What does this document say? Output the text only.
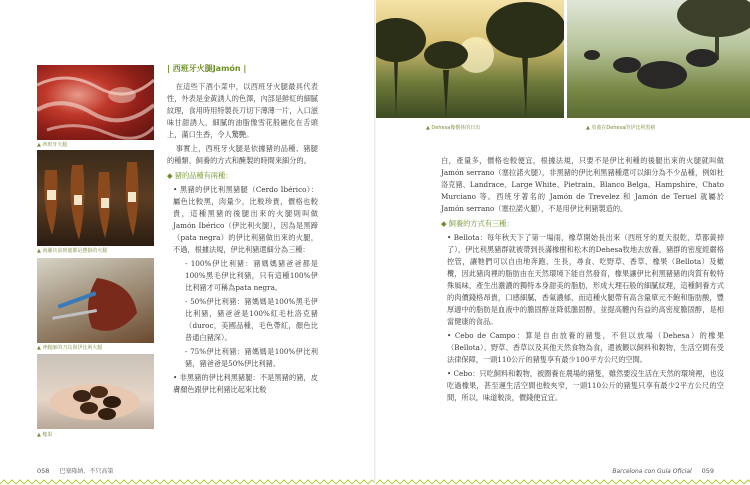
▲ 西班牙火腿
▲ 商舖店前到處都是懸掛的火腿
▲ 斧腿師的刀具與伊比利火腿
▲ 橡果
| 西班牙火腿Jamón |

在這些下酒小菜中，以西班牙火腿最具代表性，外表是金黃誘人的色澤，內部是鮮紅的細膩紋理，食用時用特製長刀切下薄薄一片，入口滋味甘甜誘人，細膩的油脂像雪花般融化在舌頭上，滿口生香，令人驚艷。

事實上，西班牙火腿是依據豬的品種、豬腿的種類、飼養的方式和醃製的時間來細分的。

◆ 豬的品種有兩種：

• 黑豬的伊比利黑豬腿（Cerdo Ibérico）：屬色比較黑，肉量少，比較珍貴，價格也較貴，這種黑豬的後腿出來的火腿則叫做 Jamón Ibérico（伊比利火腿），因為是黑蹄（pata negra）的伊比利豬做出來的火腿，不過，根據法規，伊比利豬還細分為三種：

- 100%伊比利豬：豬媽媽豬爸爸都是100%黑毛伊比利豬，只有這種100%伊比利豬才可稱為pata negra。

- 50%伊比利豬：豬媽媽是100%黑毛伊比利豬，豬爸爸是100%紅毛杜洛克豬（duroc，美國品種，毛色帶紅，顏色比普通白豬深）。

- 75%伊比利豬：豬媽媽是100%伊比利豬，豬爸爸是50%伊比利豬。

• 非黑豬的伊比利黑豬腿：不是黑豬的豬，皮膚顏色跟伊比利豬比起來比較

058 巴塞隆納、不只高第
▲ Dehesa橡樹林的日出	▲ 放養在Dehesa的伊比利黑豬

白，產量多，價格也較便宜，根據法規，只要不是伊比利種的後腿出來的火腿就叫做 Jamón serrano（塞拉諾火腿），非黑豬的伊比利黑豬種還可以細分為不少品種，例如杜洛克豬、Landrace、Large White、Pietrain、Blanco Belga、Hampshire、Chato Murciano 等。西班牙著名的 Jamón de Trevelez 和 Jamón de Teruel 就屬於 Jamón serrano（塞拉諾火腿），不是用伊比利豬製造的。

◆ 飼養的方式有三種：

• Bellota：每年秋天下了第一場雨，橡草開始長出來（西班牙的夏天很乾，草都黃掉了），伊比利黑豬群就被帶到長滿橡樹和松木的Dehesa牧地去放養，豬群的密度經嚴格控管，讓牠們可以自由地奔跑、生長，尋食、吃野草、香草、橡果（Bellota）及橄欖，因此豬肉裡的脂肪由在天然環境下能自然發育，橡果讓伊比利黑豬豬的肉質有較特殊風味，產生出濃濃的獨特本身甜美的脂肪，形成大理石般的細膩紋理，這種飼養方式的肉價錢格昂貴，口感細膩，香氣濃郁，而這種火腿帶有高含量單元不飽和脂肪酸，豐厚適中的脂肪是血液中的膽固醇並降低膽固醇，並提高體內有益的高密度膽固醇，是相當健康的食品。

• Cebo de Campo：算是自由放養的豬隻，不但以放場（Dehesa）的橡果（Bellota）、野草、香草以及其他天然食物為食，還被餵以飼料和穀物，生活空間有受法律保障，一頭110公斤的豬隻享有最少100平方公尺的空間。

• Cebo：只吃飼料和穀物，被圈養在農場的豬隻，雖然要沒生活在天然的環境裡，也沒吃過橡果，甚至運生活空間也較夾窄，一頭110公斤的豬隻只享有最少2平方公尺的空間，所以，味道較淡，價錢便宜宜。

Barcelona con Guía Oficial 059
